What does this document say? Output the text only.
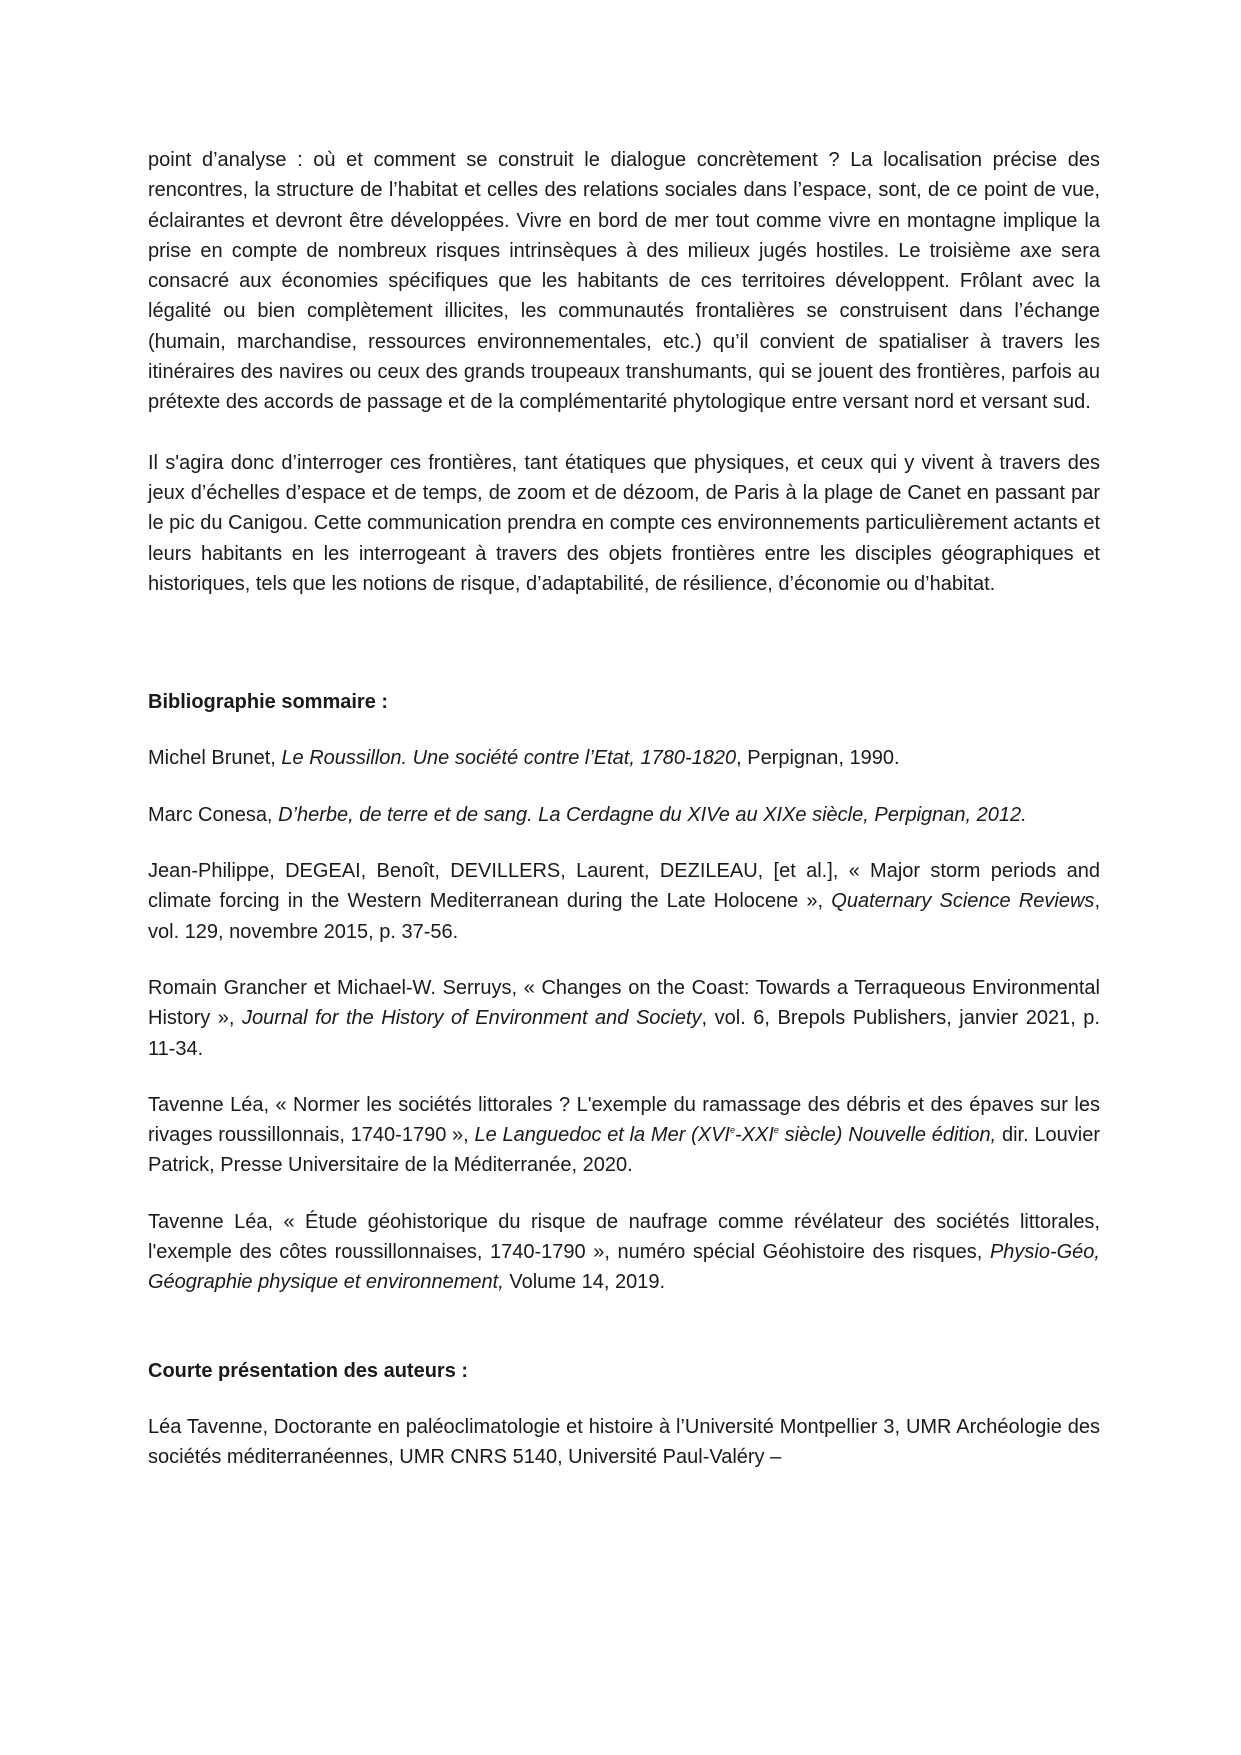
point d’analyse : où et comment se construit le dialogue concrètement ? La localisation précise des rencontres, la structure de l’habitat et celles des relations sociales dans l’espace, sont, de ce point de vue, éclairantes et devront être développées. Vivre en bord de mer tout comme vivre en montagne implique la prise en compte de nombreux risques intrinsèques à des milieux jugés hostiles. Le troisième axe sera consacré aux économies spécifiques que les habitants de ces territoires développent. Frôlant avec la légalité ou bien complètement illicites, les communautés frontalières se construisent dans l’échange (humain, marchandise, ressources environnementales, etc.) qu’il convient de spatialiser à travers les itinéraires des navires ou ceux des grands troupeaux transhumants, qui se jouent des frontières, parfois au prétexte des accords de passage et de la complémentarité phytologique entre versant nord et versant sud.

Il s'agira donc d’interroger ces frontières, tant étatiques que physiques, et ceux qui y vivent à travers des jeux d’échelles d’espace et de temps, de zoom et de dézoom, de Paris à la plage de Canet en passant par le pic du Canigou. Cette communication prendra en compte ces environnements particulièrement actants et leurs habitants en les interrogeant à travers des objets frontières entre les disciples géographiques et historiques, tels que les notions de risque, d’adaptabilité, de résilience, d’économie ou d’habitat.

Bibliographie sommaire :

Michel Brunet, Le Roussillon. Une société contre l’Etat, 1780-1820, Perpignan, 1990.

Marc Conesa, D’herbe, de terre et de sang. La Cerdagne du XIVe au XIXe siècle, Perpignan, 2012.

Jean-Philippe, DEGEAI, Benoît, DEVILLERS, Laurent, DEZILEAU, [et al.], « Major storm periods and climate forcing in the Western Mediterranean during the Late Holocene », Quaternary Science Reviews, vol. 129, novembre 2015, p. 37-56.

Romain Grancher et Michael-W. Serruys, « Changes on the Coast: Towards a Terraqueous Environmental History », Journal for the History of Environment and Society, vol. 6, Brepols Publishers, janvier 2021, p. 11-34.

Tavenne Léa, « Normer les sociétés littorales ? L'exemple du ramassage des débris et des épaves sur les rivages roussillonnais, 1740-1790 », Le Languedoc et la Mer (XVIe-XXIe siècle) Nouvelle édition, dir. Louvier Patrick, Presse Universitaire de la Méditerranée, 2020.

Tavenne Léa, « Étude géohistorique du risque de naufrage comme révélateur des sociétés littorales, l'exemple des côtes roussillonnaises, 1740-1790 », numéro spécial Géohistoire des risques, Physio-Géo, Géographie physique et environnement, Volume 14, 2019.

Courte présentation des auteurs :

Léa Tavenne, Doctorante en paléoclimatologie et histoire à l’Université Montpellier 3, UMR Archéologie des sociétés méditerranéennes, UMR CNRS 5140, Université Paul-Valéry –
